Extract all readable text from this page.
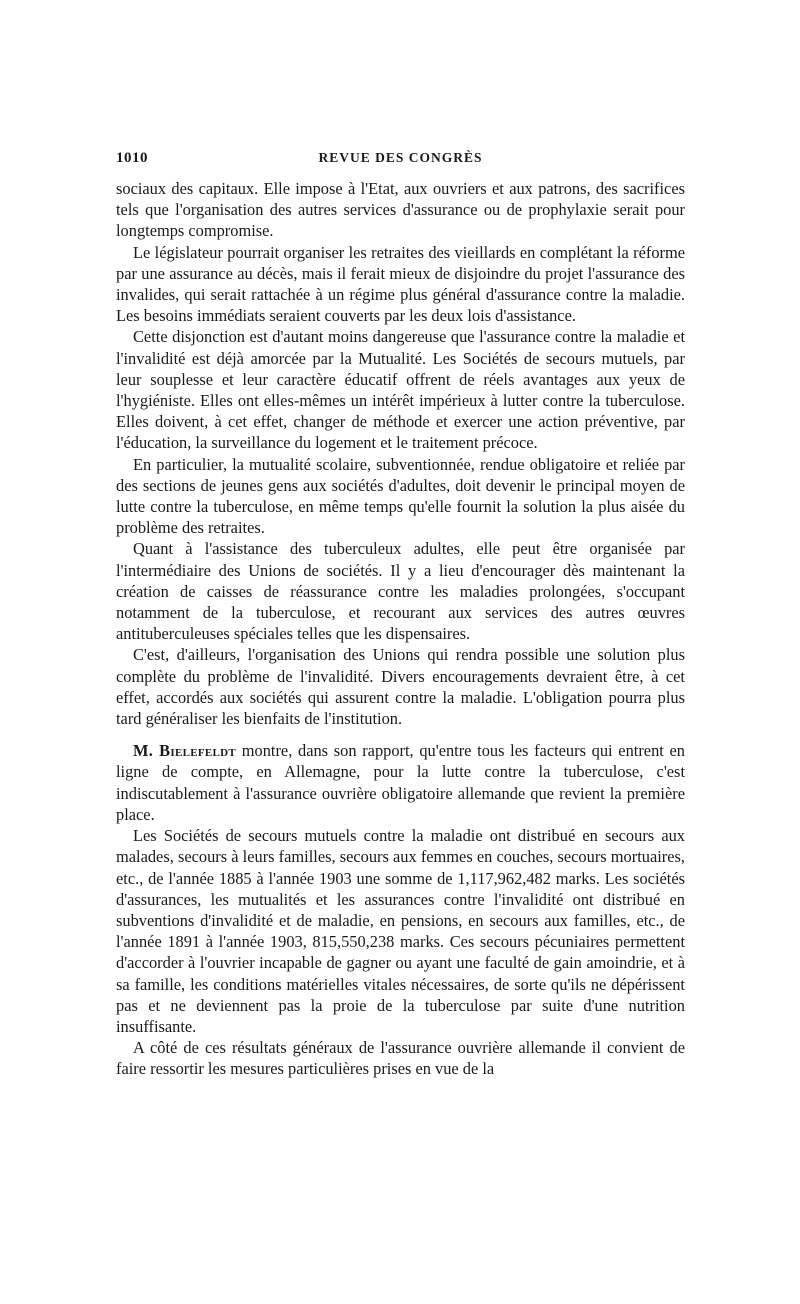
1010	REVUE DES CONGRÈS

sociaux des capitaux. Elle impose à l'Etat, aux ouvriers et aux patrons, des sacrifices tels que l'organisation des autres services d'assurance ou de prophylaxie serait pour longtemps compromise.

Le législateur pourrait organiser les retraites des vieillards en complétant la réforme par une assurance au décès, mais il ferait mieux de disjoindre du projet l'assurance des invalides, qui serait rattachée à un régime plus général d'assurance contre la maladie. Les besoins immédiats seraient couverts par les deux lois d'assistance.

Cette disjonction est d'autant moins dangereuse que l'assurance contre la maladie et l'invalidité est déjà amorcée par la Mutualité. Les Sociétés de secours mutuels, par leur souplesse et leur caractère éducatif offrent de réels avantages aux yeux de l'hygiéniste. Elles ont elles-mêmes un intérêt impérieux à lutter contre la tuberculose. Elles doivent, à cet effet, changer de méthode et exercer une action préventive, par l'éducation, la surveillance du logement et le traitement précoce.

En particulier, la mutualité scolaire, subventionnée, rendue obligatoire et reliée par des sections de jeunes gens aux sociétés d'adultes, doit devenir le principal moyen de lutte contre la tuberculose, en même temps qu'elle fournit la solution la plus aisée du problème des retraites.

Quant à l'assistance des tuberculeux adultes, elle peut être organisée par l'intermédiaire des Unions de sociétés. Il y a lieu d'encourager dès maintenant la création de caisses de réassurance contre les maladies prolongées, s'occupant notamment de la tuberculose, et recourant aux services des autres œuvres antituberculeuses spéciales telles que les dispensaires.

C'est, d'ailleurs, l'organisation des Unions qui rendra possible une solution plus complète du problème de l'invalidité. Divers encouragements devraient être, à cet effet, accordés aux sociétés qui assurent contre la maladie. L'obligation pourra plus tard généraliser les bienfaits de l'institution.

M. Bielefeldt montre, dans son rapport, qu'entre tous les facteurs qui entrent en ligne de compte, en Allemagne, pour la lutte contre la tuberculose, c'est indiscutablement à l'assurance ouvrière obligatoire allemande que revient la première place.

Les Sociétés de secours mutuels contre la maladie ont distribué en secours aux malades, secours à leurs familles, secours aux femmes en couches, secours mortuaires, etc., de l'année 1885 à l'année 1903 une somme de 1,117,962,482 marks. Les sociétés d'assurances, les mutualités et les assurances contre l'invalidité ont distribué en subventions d'invalidité et de maladie, en pensions, en secours aux familles, etc., de l'année 1891 à l'année 1903, 815,550,238 marks. Ces secours pécuniaires permettent d'accorder à l'ouvrier incapable de gagner ou ayant une faculté de gain amoindrie, et à sa famille, les conditions matérielles vitales nécessaires, de sorte qu'ils ne dépérissent pas et ne deviennent pas la proie de la tuberculose par suite d'une nutrition insuffisante.

A côté de ces résultats généraux de l'assurance ouvrière allemande il convient de faire ressortir les mesures particulières prises en vue de la
